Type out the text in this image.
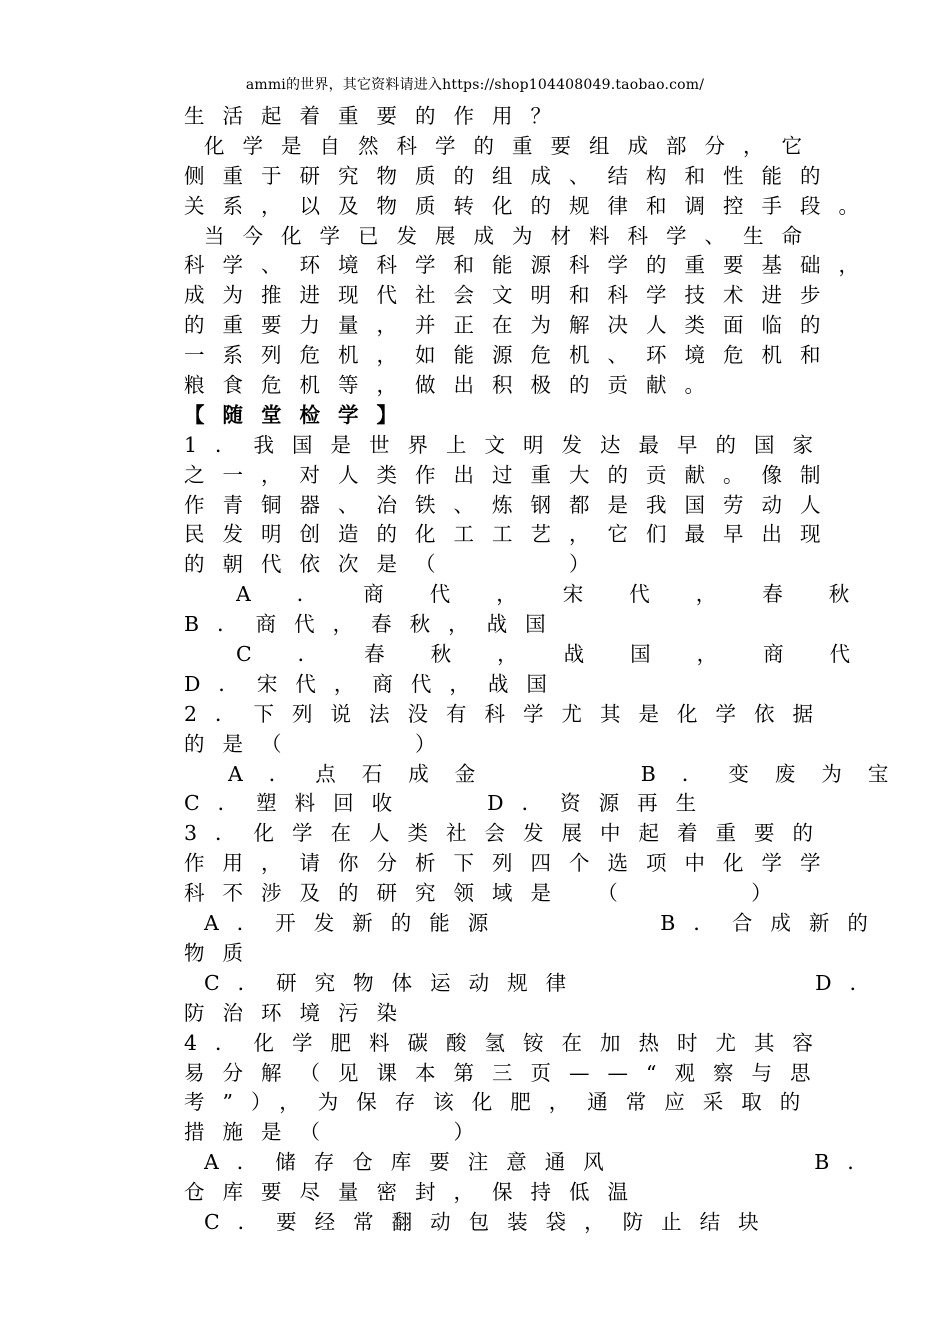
ammi的世界，其它资料请进入https://shop104408049.taobao.com/
生活起着重要的作用？
化学是自然科学的重要组成部分，它
侧重于研究物质的组成、结构和性能的
关系，以及物质转化的规律和调控手段。
当今化学已发展成为材料科学、生命
科学、环境科学和能源科学的重要基础，
成为推进现代社会文明和科学技术进步
的重要力量，并正在为解决人类面临的
一系列危机，如能源危机、环境危机和
粮食危机等，做出积极的贡献。
【随堂检学】
1．我国是世界上文明发达最早的国家
之一，对人类作出过重大的贡献。像制
作青铜器、冶铁、炼钢都是我国劳动人
民发明创造的化工工艺，它们最早出现
的朝代依次是（　　　）
A．商代，宋代，春秋
B．商代，春秋，战国
C．春秋，战国，商代
D．宋代，商代，战国
2．下列说法没有科学尤其是化学依据
的是（　　　）
A．点石成金　　　B．变废为宝
C．塑料回收　　D．资源再生
3．化学在人类社会发展中起着重要的
作用，请你分析下列四个选项中化学学
科不涉及的研究领域是　（　　　）
A．开发新的能源　　　　B．合成新的
物质
C．研究物体运动规律　　　　　　D．
防治环境污染
4．化学肥料碳酸氢铵在加热时尤其容
易分解（见课本第三页——“观察与思
考”），为保存该化肥，通常应采取的
措施是（　　　）
A．储存仓库要注意通风　　　　　B．
仓库要尽量密封，保持低温
C．要经常翻动包装袋，防止结块
